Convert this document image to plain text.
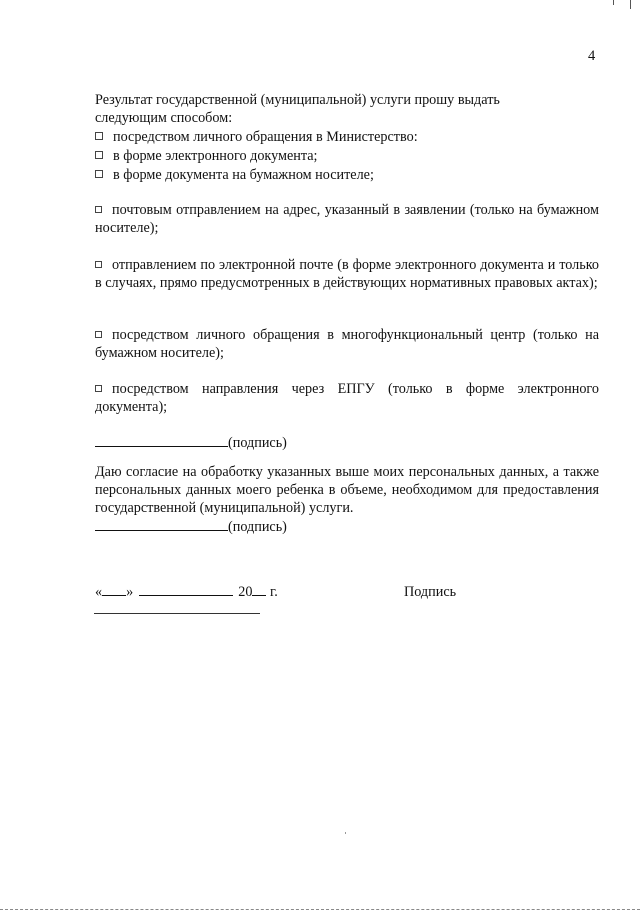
4
Результат государственной (муниципальной) услуги прошу выдать следующим способом:
посредством личного обращения в Министерство:
в форме электронного документа;
в форме документа на бумажном носителе;
почтовым отправлением на адрес, указанный в заявлении (только на бумажном носителе);
отправлением по электронной почте (в форме электронного документа и только в случаях, прямо предусмотренных в действующих нормативных правовых актах);
посредством личного обращения в многофункциональный центр (только на бумажном носителе);
посредством направления через ЕПГУ (только в форме электронного документа);
(подпись)
Даю согласие на обработку указанных выше моих персональных данных, а также персональных данных моего ребенка в объеме, необходимом для предоставления государственной (муниципальной) услуги.
(подпись)
« »	20 г.	Подпись
